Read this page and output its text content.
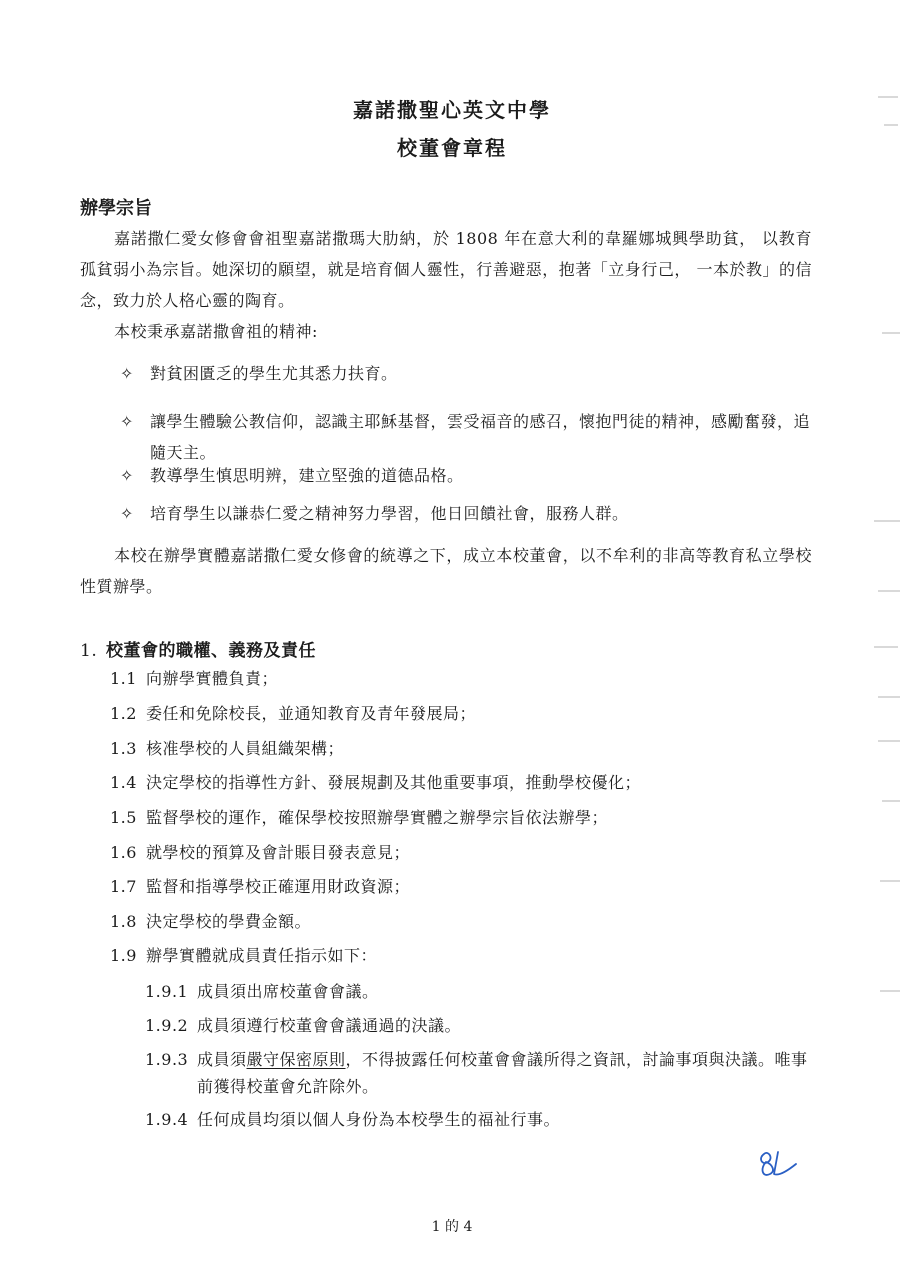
嘉諾撒聖心英文中學
校董會章程
辦學宗旨

嘉諾撒仁愛女修會會祖聖嘉諾撒瑪大肋納，於 1808 年在意大利的韋羅娜城興學助貧， 以教育孤貧弱小為宗旨。她深切的願望，就是培育個人靈性，行善避惡，抱著「立身行己， 一本於教」的信念，致力於人格心靈的陶育。

本校秉承嘉諾撒會祖的精神:

✧ 對貧困匱乏的學生尤其悉力扶育。
✧ 讓學生體驗公教信仰，認識主耶穌基督，雲受福音的感召，懷抱門徒的精神，感勵奮發，追隨天主。
✧ 教導學生慎思明辨，建立堅強的道德品格。
✧ 培育學生以謙恭仁愛之精神努力學習，他日回饋社會，服務人群。

本校在辦學實體嘉諾撒仁愛女修會的統導之下，成立本校董會，以不牟利的非高等教育私立學校性質辦學。

1. 校董會的職權、義務及責任
1.1 向辦學實體負責；
1.2 委任和免除校長，並通知教育及青年發展局；
1.3 核准學校的人員組織架構；
1.4 決定學校的指導性方針、發展規劃及其他重要事項，推動學校優化；
1.5 監督學校的運作，確保學校按照辦學實體之辦學宗旨依法辦學；
1.6 就學校的預算及會計賬目發表意見；
1.7 監督和指導學校正確運用財政資源；
1.8 決定學校的學費金額。
1.9 辦學實體就成員責任指示如下：
1.9.1 成員須出席校董會會議。
1.9.2 成員須遵行校董會會議通過的決議。
1.9.3 成員須嚴守保密原則，不得披露任何校董會會議所得之資訊，討論事項與決議。唯事前獲得校董會允許除外。
1.9.4 任何成員均須以個人身份為本校學生的福祉行事。
1 的 4
